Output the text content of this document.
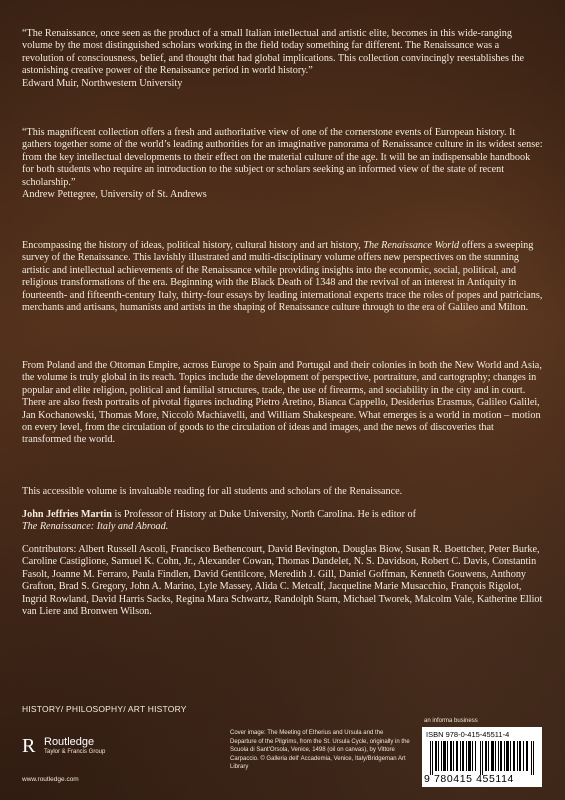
“The Renaissance, once seen as the product of a small Italian intellectual and artistic elite, becomes in this wide-ranging volume by the most distinguished scholars working in the field today something far different. The Renaissance was a revolution of consciousness, belief, and thought that had global implications. This collection convincingly reestablishes the astonishing creative power of the Renaissance period in world history.”

Edward Muir, Northwestern University

“This magnificent collection offers a fresh and authoritative view of one of the cornerstone events of European history. It gathers together some of the world’s leading authorities for an imaginative panorama of Renaissance culture in its widest sense: from the key intellectual developments to their effect on the material culture of the age. It will be an indispensable handbook for both students who require an introduction to the subject or scholars seeking an informed view of the state of recent scholarship.”

Andrew Pettegree, University of St. Andrews

Encompassing the history of ideas, political history, cultural history and art history, The Renaissance World offers a sweeping survey of the Renaissance. This lavishly illustrated and multi-disciplinary volume offers new perspectives on the stunning artistic and intellectual achievements of the Renaissance while providing insights into the economic, social, political, and religious transformations of the era. Beginning with the Black Death of 1348 and the revival of an interest in Antiquity in fourteenth- and fifteenth-century Italy, thirty-four essays by leading international experts trace the roles of popes and patricians, merchants and artisans, humanists and artists in the shaping of Renaissance culture through to the era of Galileo and Milton.

From Poland and the Ottoman Empire, across Europe to Spain and Portugal and their colonies in both the New World and Asia, the volume is truly global in its reach. Topics include the development of perspective, portraiture, and cartography; changes in popular and elite religion, political and familial structures, trade, the use of firearms, and sociability in the city and in court. There are also fresh portraits of pivotal figures including Pietro Aretino, Bianca Cappello, Desiderius Erasmus, Galileo Galilei, Jan Kochanowski, Thomas More, Niccolò Machiavelli, and William Shakespeare. What emerges is a world in motion – motion on every level, from the circulation of goods to the circulation of ideas and images, and the news of discoveries that transformed the world.

This accessible volume is invaluable reading for all students and scholars of the Renaissance.

John Jeffries Martin is Professor of History at Duke University, North Carolina. He is editor of
The Renaissance: Italy and Abroad.

Contributors: Albert Russell Ascoli, Francisco Bethencourt, David Bevington, Douglas Biow, Susan R. Boettcher, Peter Burke, Caroline Castiglione, Samuel K. Cohn, Jr., Alexander Cowan, Thomas Dandelet, N. S. Davidson, Robert C. Davis, Constantin Fasolt, Joanne M. Ferraro, Paula Findlen, David Gentilcore, Meredith J. Gill, Daniel Goffman, Kenneth Gouwens, Anthony Grafton, Brad S. Gregory, John A. Marino, Lyle Massey, Alida C. Metcalf, Jacqueline Marie Musacchio, François Rigolot, Ingrid Rowland, David Harris Sacks, Regina Mara Schwartz, Randolph Starn, Michael Tworek, Malcolm Vale, Katherine Elliot van Liere and Bronwen Wilson.

HISTORY/ PHILOSOPHY/ ART HISTORY
R Routledge
Taylor & Francis Group
www.routledge.com
Cover image: The Meeting of Etherius and Ursula and the Departure of the Pilgrims, from the St. Ursula Cycle, originally in the Scuola di Sant'Orsola, Venice, 1498 (oil on canvas), by Vittore Carpaccio. © Galleria dell' Accademia, Venice, Italy/Bridgeman Art Library
an informa business
ISBN 978-0-415-45511-4
9 780415 455114
